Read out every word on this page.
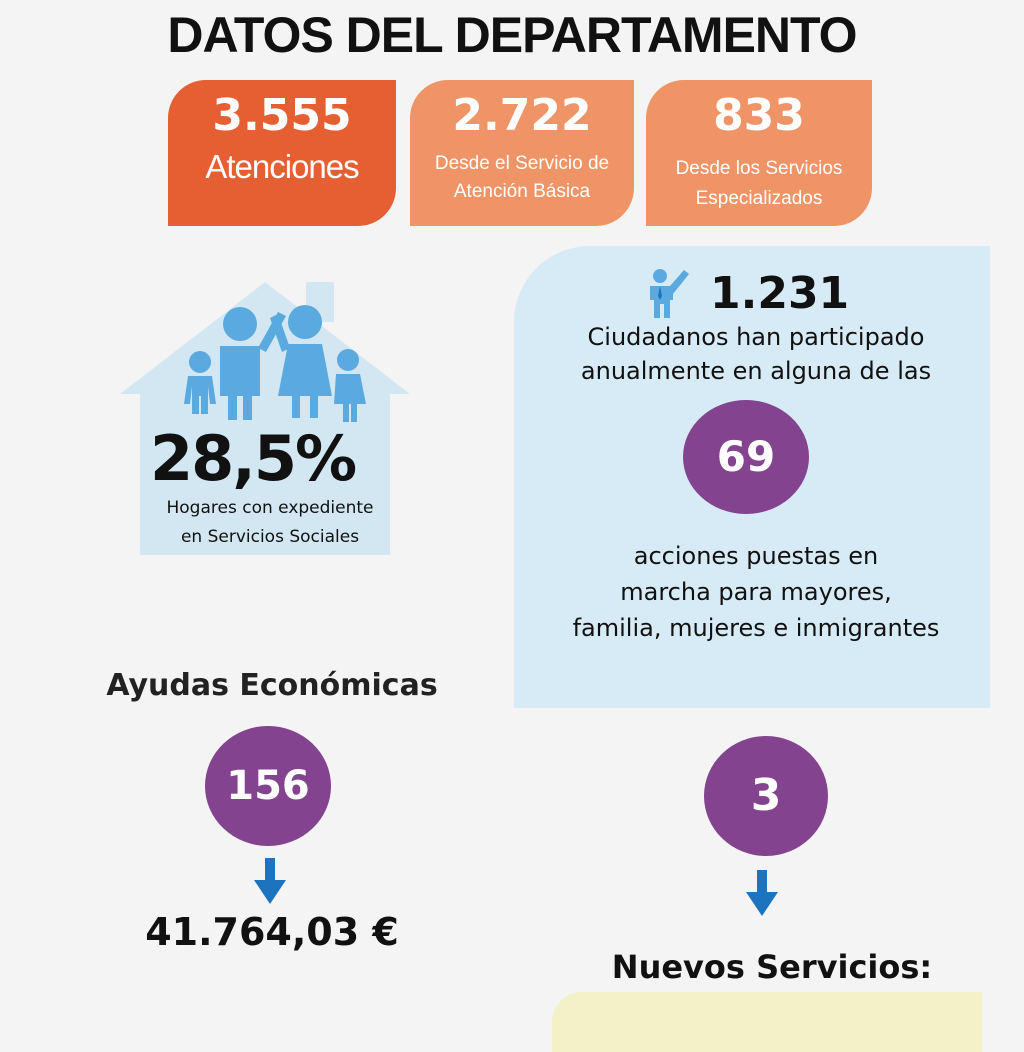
DATOS DEL DEPARTAMENTO
3.555
Atenciones
2.722
Desde el Servicio de
Atención Básica
833
Desde los Servicios
Especializados
28,5%
Hogares con expediente
en Servicios Sociales
1.231
Ciudadanos han participado
anualmente en alguna de las
69
acciones puestas en
marcha para mayores,
familia, mujeres e inmigrantes
Ayudas Económicas
156
41.764,03 €
3
Nuevos Servicios:
